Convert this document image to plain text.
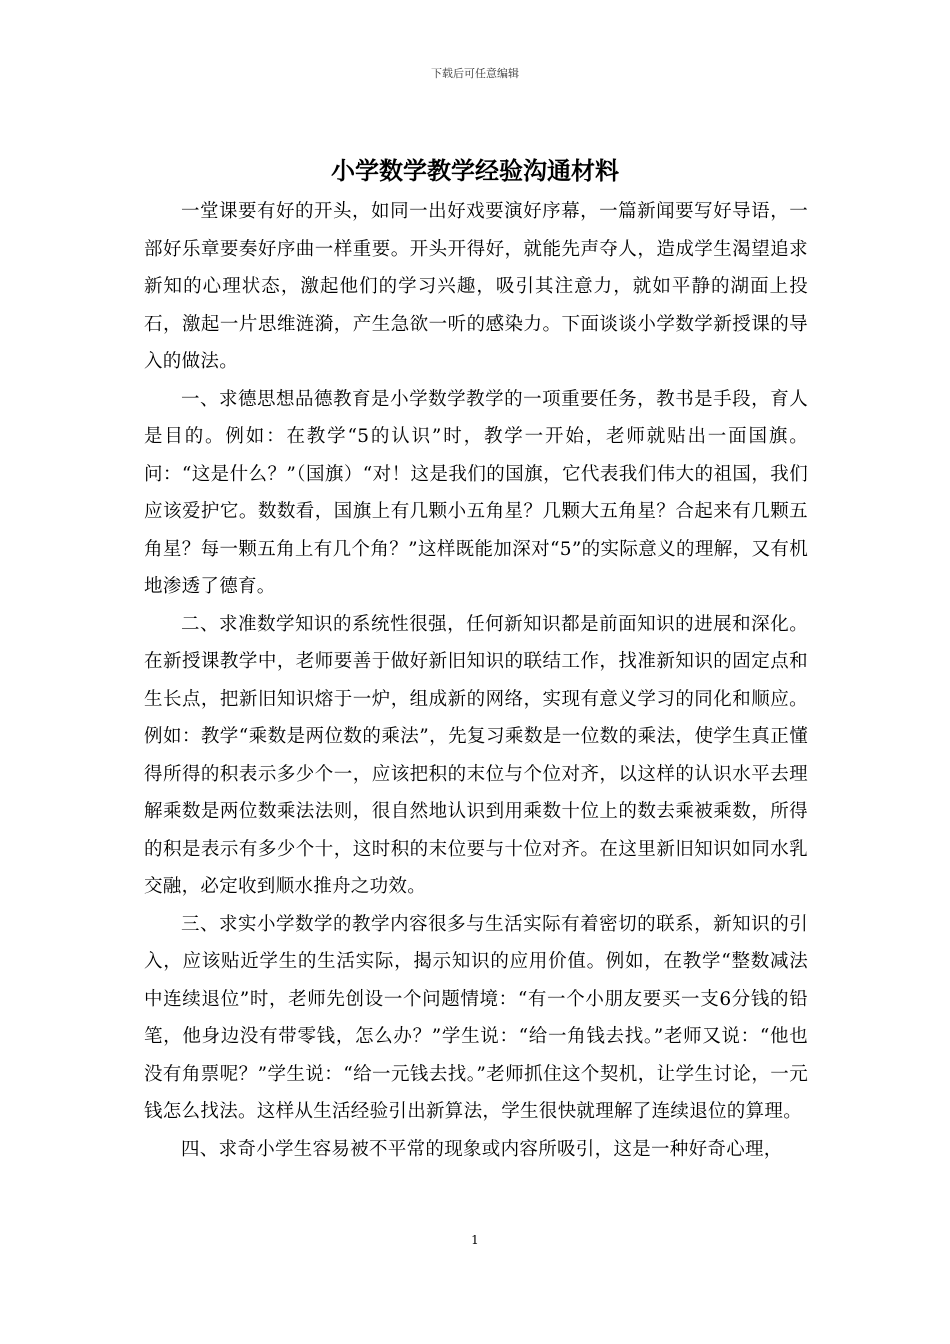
下载后可任意编辑
小学数学教学经验沟通材料

一堂课要有好的开头，如同一出好戏要演好序幕，一篇新闻要写好导语，一部好乐章要奏好序曲一样重要。开头开得好，就能先声夺人，造成学生渴望追求新知的心理状态，激起他们的学习兴趣，吸引其注意力，就如平静的湖面上投石，激起一片思维涟漪，产生急欲一听的感染力。下面谈谈小学数学新授课的导入的做法。

一、求德思想品德教育是小学数学教学的一项重要任务，教书是手段，育人是目的。例如：在教学“5的认识”时，教学一开始，老师就贴出一面国旗。问：“这是什么？”（国旗）“对！这是我们的国旗，它代表我们伟大的祖国，我们应该爱护它。数数看，国旗上有几颗小五角星？几颗大五角星？合起来有几颗五角星？每一颗五角上有几个角？”这样既能加深对“5”的实际意义的理解，又有机地渗透了德育。

二、求准数学知识的系统性很强，任何新知识都是前面知识的进展和深化。在新授课教学中，老师要善于做好新旧知识的联结工作，找准新知识的固定点和生长点，把新旧知识熔于一炉，组成新的网络，实现有意义学习的同化和顺应。例如：教学“乘数是两位数的乘法”，先复习乘数是一位数的乘法，使学生真正懂得所得的积表示多少个一，应该把积的末位与个位对齐，以这样的认识水平去理解乘数是两位数乘法法则，很自然地认识到用乘数十位上的数去乘被乘数，所得的积是表示有多少个十，这时积的末位要与十位对齐。在这里新旧知识如同水乳交融，必定收到顺水推舟之功效。

三、求实小学数学的教学内容很多与生活实际有着密切的联系，新知识的引入，应该贴近学生的生活实际，揭示知识的应用价值。例如，在教学“整数减法中连续退位”时，老师先创设一个问题情境：“有一个小朋友要买一支6分钱的铅笔，他身边没有带零钱，怎么办？”学生说：“给一角钱去找。”老师又说：“他也没有角票呢？”学生说：“给一元钱去找。”老师抓住这个契机，让学生讨论，一元钱怎么找法。这样从生活经验引出新算法，学生很快就理解了连续退位的算理。

四、求奇小学生容易被不平常的现象或内容所吸引，这是一种好奇心理，

1
